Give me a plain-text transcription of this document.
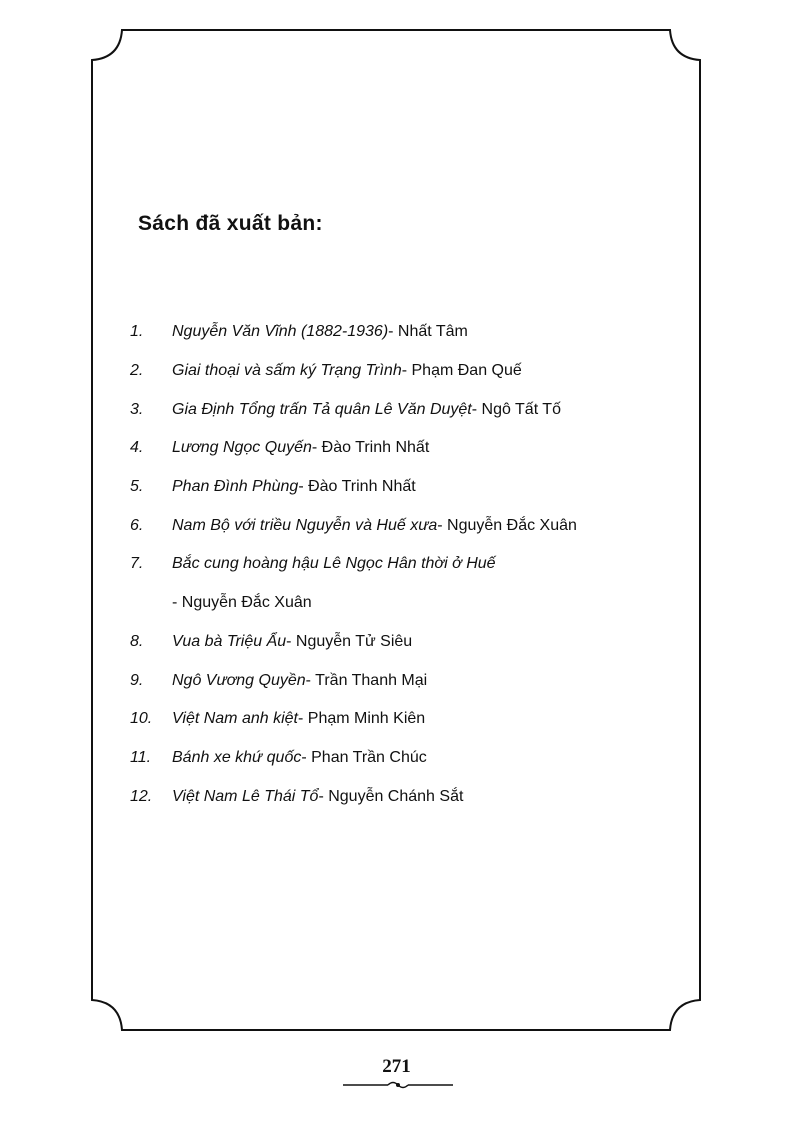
Sách đã xuất bản:
1.	Nguyễn Văn Vĩnh (1882-1936) - Nhất Tâm
2.	Giai thoại và sấm ký Trạng Trình - Phạm Đan Quế
3.	Gia Định Tổng trấn Tả quân Lê Văn Duyệt - Ngô Tất Tố
4.	Lương Ngọc Quyến - Đào Trinh Nhất
5.	Phan Đình Phùng - Đào Trinh Nhất
6.	Nam Bộ với triều Nguyễn và Huế xưa - Nguyễn Đắc Xuân
7.	Bắc cung hoàng hậu Lê Ngọc Hân thời ở Huế
- Nguyễn Đắc Xuân
8.	Vua bà Triệu Ẩu - Nguyễn Tử Siêu
9.	Ngô Vương Quyền - Trần Thanh Mại
10.	Việt Nam anh kiệt - Phạm Minh Kiên
11.	Bánh xe khứ quốc - Phan Trần Chúc
12.	Việt Nam Lê Thái Tổ - Nguyễn Chánh Sắt

271
